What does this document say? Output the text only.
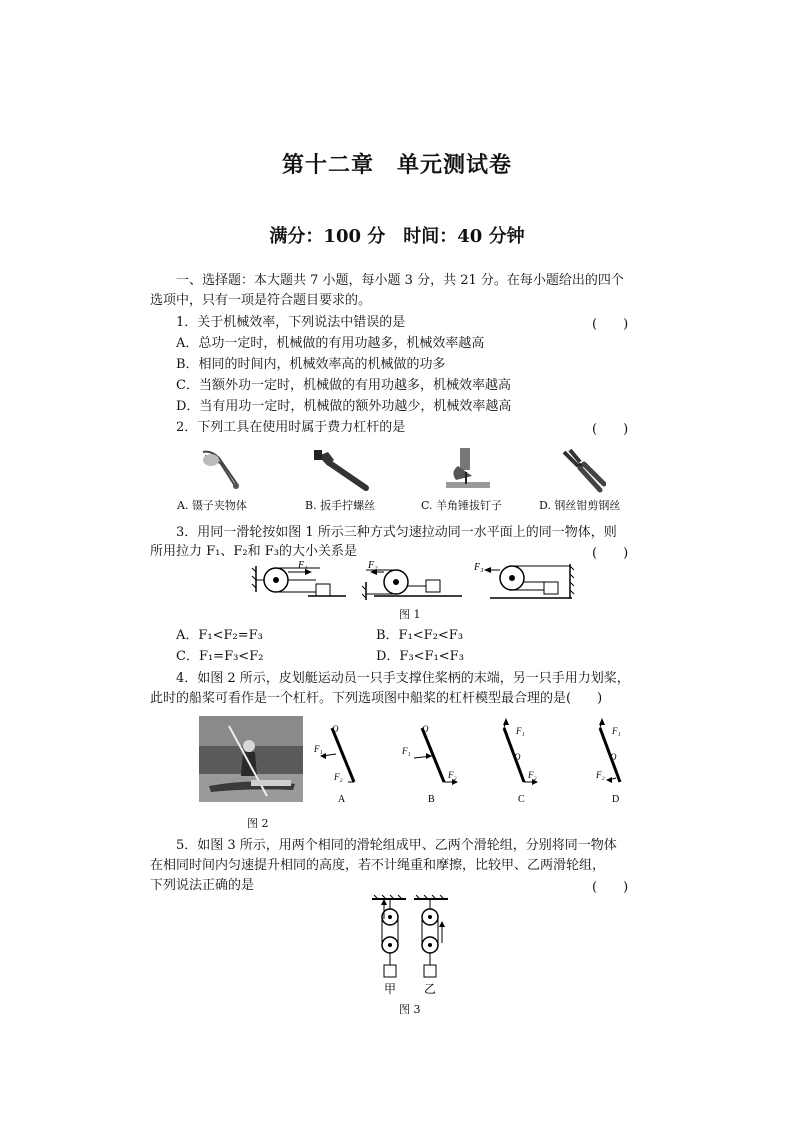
第十二章　单元测试卷
满分：100 分　时间：40 分钟
一、选择题：本大题共 7 小题，每小题 3 分，共 21 分。在每小题给出的四个
选项中，只有一项是符合题目要求的。
1．关于机械效率，下列说法中错误的是	(　　)
A．总功一定时，机械做的有用功越多，机械效率越高
B．相同的时间内，机械效率高的机械做的功多
C．当额外功一定时，机械做的有用功越多，机械效率越高
D．当有用功一定时，机械做的额外功越少，机械效率越高
2．下列工具在使用时属于费力杠杆的是	(　　)
A. 镊子夹物体	B. 扳手拧螺丝	C. 羊角锤拔钉子	D. 钢丝钳剪钢丝
3．用同一滑轮按如图 1 所示三种方式匀速拉动同一水平面上的同一物体，则
所用拉力 F₁、F₂和 F₃的大小关系是	(　　)
F₁	F₂	F₃
图 1
A．F₁<F₂=F₃	B．F₁<F₂<F₃
C．F₁=F₃<F₂	D．F₃<F₁<F₃
4．如图 2 所示，皮划艇运动员一只手支撑住桨柄的末端，另一只手用力划桨，
此时的船桨可看作是一个杠杆。下列选项图中船桨的杠杆模型最合理的是(　　)
O
F₁
F₂
A
O
F₁
F₂
B
F₁
O
F₂
C
F₁
O
F₂
D
图 2
5．如图 3 所示，用两个相同的滑轮组成甲、乙两个滑轮组，分别将同一物体
在相同时间内匀速提升相同的高度，若不计绳重和摩擦，比较甲、乙两滑轮组，
下列说法正确的是	(　　)
甲 乙
图 3
